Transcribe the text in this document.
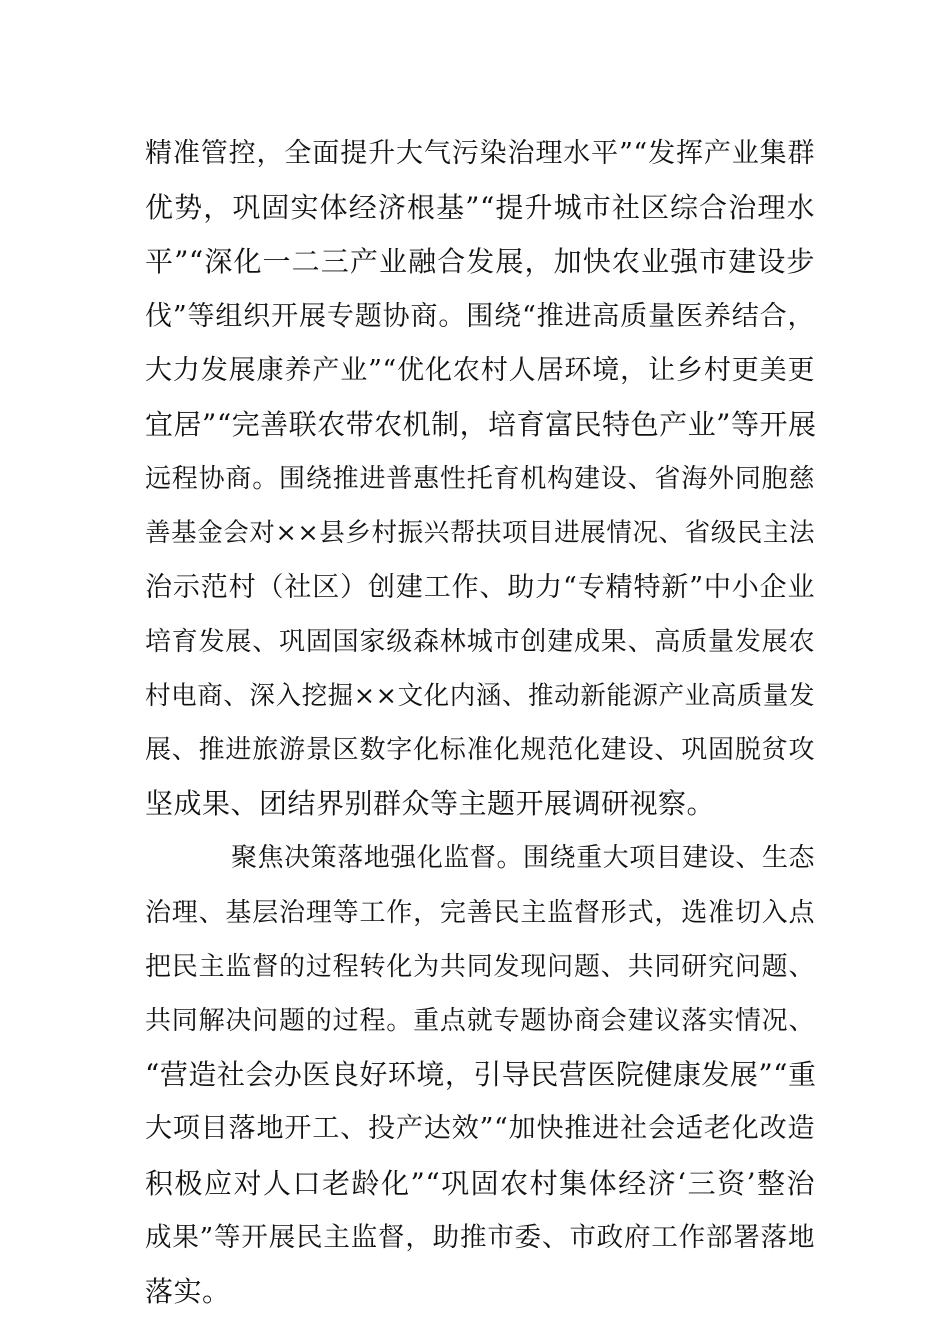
精准管控，全面提升大气污染治理水平”“发挥产业集群
优势，巩固实体经济根基”“提升城市社区综合治理水
平”“深化一二三产业融合发展，加快农业强市建设步
伐”等组织开展专题协商。围绕“推进高质量医养结合，
大力发展康养产业”“优化农村人居环境，让乡村更美更
宜居”“完善联农带农机制，培育富民特色产业”等开展
远程协商。围绕推进普惠性托育机构建设、省海外同胞慈
善基金会对××县乡村振兴帮扶项目进展情况、省级民主法
治示范村（社区）创建工作、助力“专精特新”中小企业
培育发展、巩固国家级森林城市创建成果、高质量发展农
村电商、深入挖掘××文化内涵、推动新能源产业高质量发
展、推进旅游景区数字化标准化规范化建设、巩固脱贫攻
坚成果、团结界别群众等主题开展调研视察。
聚焦决策落地强化监督。围绕重大项目建设、生态
治理、基层治理等工作，完善民主监督形式，选准切入点
把民主监督的过程转化为共同发现问题、共同研究问题、
共同解决问题的过程。重点就专题协商会建议落实情况、
“营造社会办医良好环境，引导民营医院健康发展”“重
大项目落地开工、投产达效”“加快推进社会适老化改造
积极应对人口老龄化”“巩固农村集体经济‘三资’整治
成果”等开展民主监督，助推市委、市政府工作部署落地
落实。
